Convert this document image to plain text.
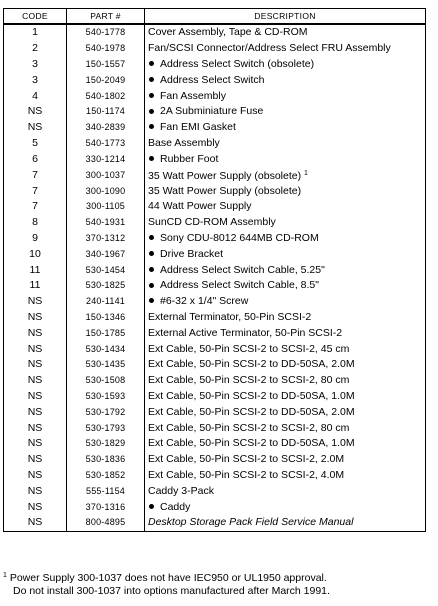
CODE	PART #	DESCRIPTION
1	540-1778	Cover Assembly, Tape & CD-ROM
2	540-1978	Fan/SCSI Connector/Address Select FRU Assembly
3	150-1557	Address Select Switch (obsolete)
3	150-2049	Address Select Switch
4	540-1802	Fan Assembly
NS	150-1174	2A Subminiature Fuse
NS	340-2839	Fan EMI Gasket
5	540-1773	Base Assembly
6	330-1214	Rubber Foot
7	300-1037	35 Watt Power Supply (obsolete) $^1$
7	300-1090	35 Watt Power Supply (obsolete)
7	300-1105	44 Watt Power Supply
8	540-1931	SunCD CD-ROM Assembly
9	370-1312	Sony CDU-8012 644MB CD-ROM
10	340-1967	Drive Bracket
11	530-1454	Address Select Switch Cable, 5.25"
11	530-1825	Address Select Switch Cable, 8.5"
NS	240-1141	#6-32 x 1/4" Screw
NS	150-1346	External Terminator, 50-Pin SCSI-2
NS	150-1785	External Active Terminator, 50-Pin SCSI-2
NS	530-1434	Ext Cable, 50-Pin SCSI-2 to SCSI-2, 45 cm
NS	530-1435	Ext Cable, 50-Pin SCSI-2 to DD-50SA, 2.0M
NS	530-1508	Ext Cable, 50-Pin SCSI-2 to SCSI-2, 80 cm
NS	530-1593	Ext Cable, 50-Pin SCSI-2 to DD-50SA, 1.0M
NS	530-1792	Ext Cable, 50-Pin SCSI-2 to DD-50SA, 2.0M
NS	530-1793	Ext Cable, 50-Pin SCSI-2 to SCSI-2, 80 cm
NS	530-1829	Ext Cable, 50-Pin SCSI-2 to DD-50SA, 1.0M
NS	530-1836	Ext Cable, 50-Pin SCSI-2 to SCSI-2, 2.0M
NS	530-1852	Ext Cable, 50-Pin SCSI-2 to SCSI-2, 4.0M
NS	555-1154	Caddy 3-Pack
NS	370-1316	Caddy
NS	800-4895	Desktop Storage Pack Field Service Manual
$^1$ Power Supply 300-1037 does not have IEC950 or UL1950 approval.
Do not install 300-1037 into options manufactured after March 1991.
